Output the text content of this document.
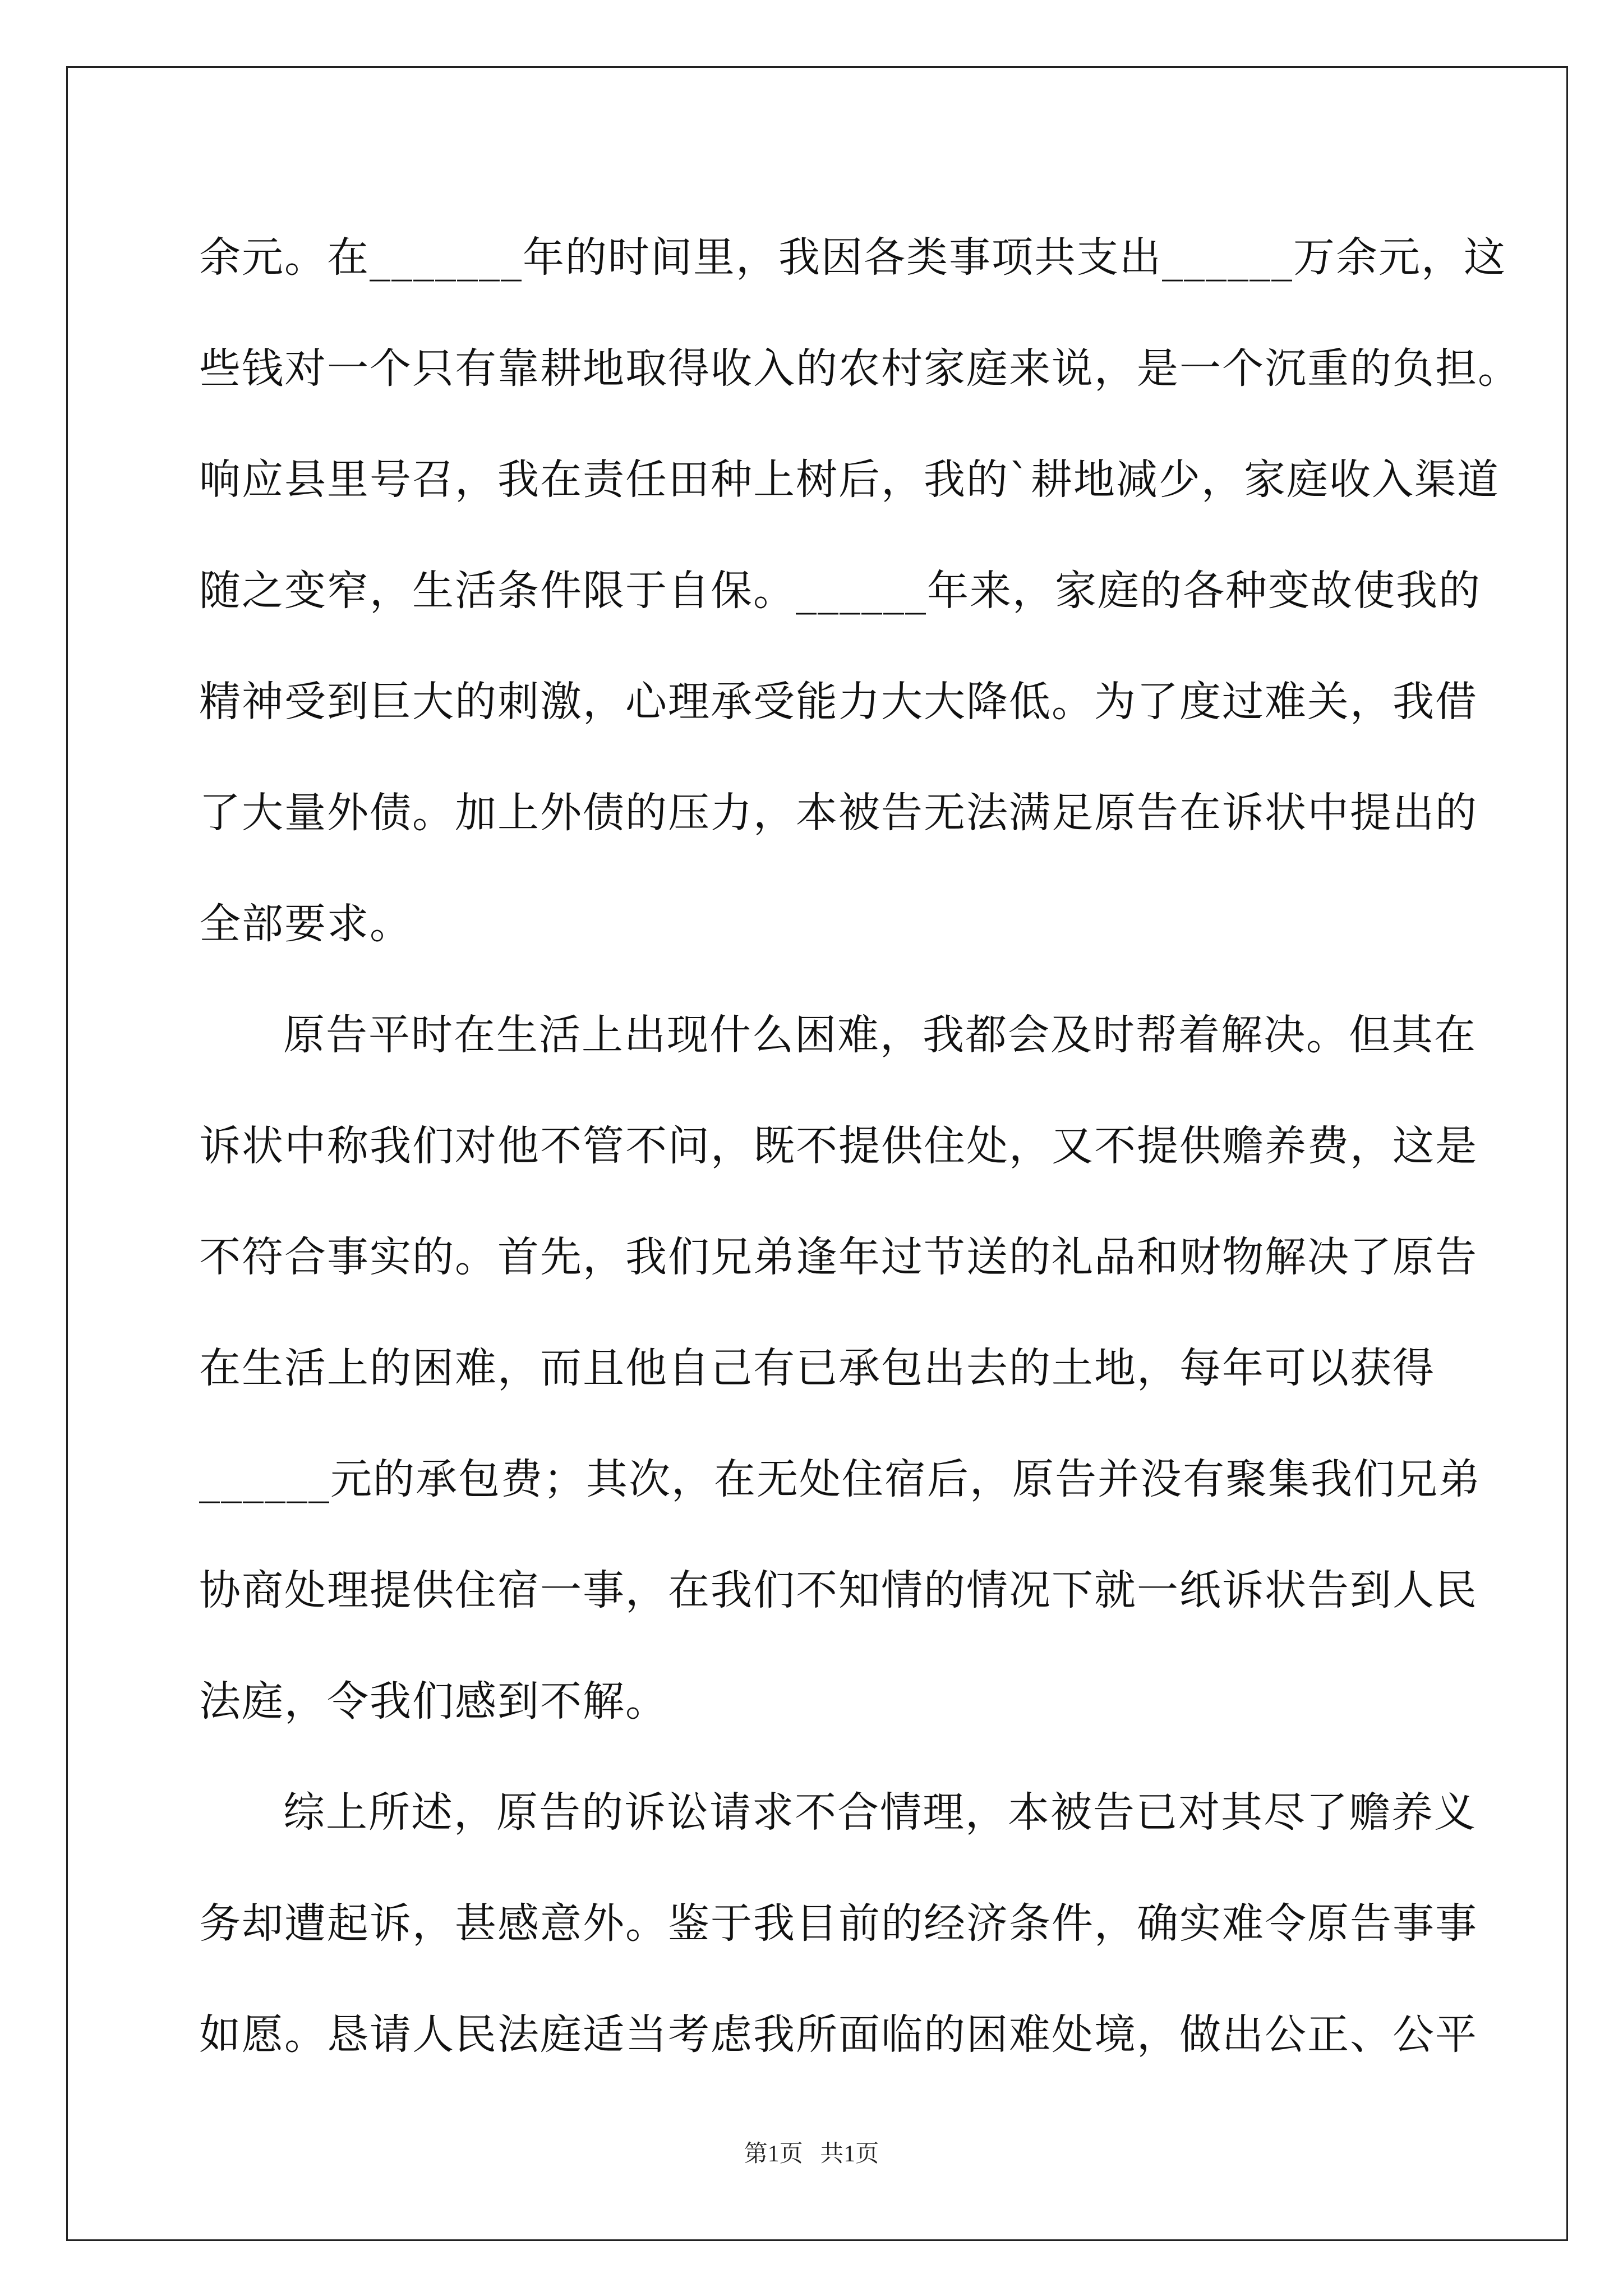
余元。在_______年的时间里，我因各类事项共支出______万余元，这
些钱对一个只有靠耕地取得收入的农村家庭来说，是一个沉重的负担。
响应县里号召，我在责任田种上树后，我的`耕地减少，家庭收入渠道
随之变窄，生活条件限于自保。______年来，家庭的各种变故使我的
精神受到巨大的刺激，心理承受能力大大降低。为了度过难关，我借
了大量外债。加上外债的压力，本被告无法满足原告在诉状中提出的
全部要求。
原告平时在生活上出现什么困难，我都会及时帮着解决。但其在
诉状中称我们对他不管不问，既不提供住处，又不提供赡养费，这是
不符合事实的。首先，我们兄弟逢年过节送的礼品和财物解决了原告
在生活上的困难，而且他自己有已承包出去的土地，每年可以获得
______元的承包费；其次，在无处住宿后，原告并没有聚集我们兄弟
协商处理提供住宿一事，在我们不知情的情况下就一纸诉状告到人民
法庭，令我们感到不解。
综上所述，原告的诉讼请求不合情理，本被告已对其尽了赡养义
务却遭起诉，甚感意外。鉴于我目前的经济条件，确实难令原告事事
如愿。恳请人民法庭适当考虑我所面临的困难处境，做出公正、公平
第1页 共1页
